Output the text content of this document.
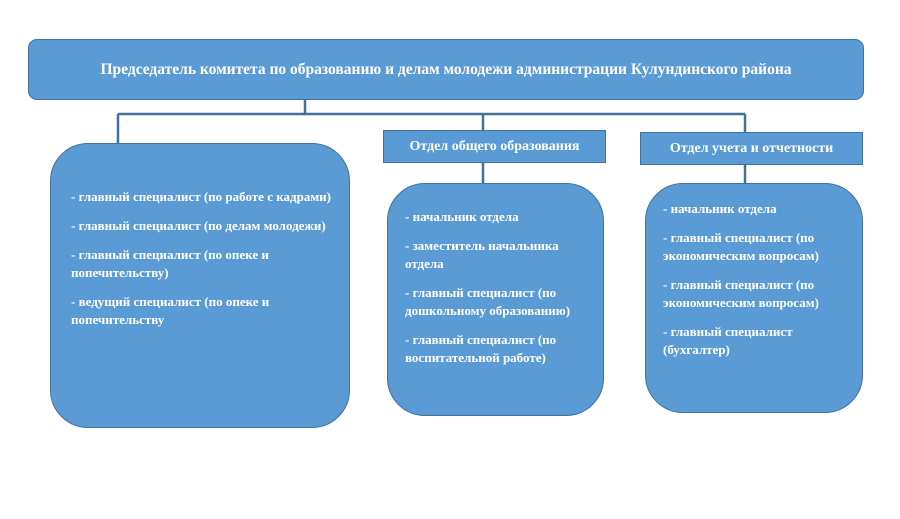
Председатель комитета по образованию и делам молодежи администрации Кулундинского района
Отдел общего образования	Отдел учета и отчетности
- главный специалист (по работе с кадрами)
- главный специалист (по делам молодежи)
- главный специалист (по опеке и попечительству)
- ведущий специалист (по опеке и попечительству
- начальник отдела
- заместитель начальника отдела
- главный специалист (по дошкольному образованию)
- главный специалист (по воспитательной работе)
- начальник отдела
- главный специалист (по экономическим вопросам)
- главный специалист (по экономическим вопросам)
- главный специалист (бухгалтер)
